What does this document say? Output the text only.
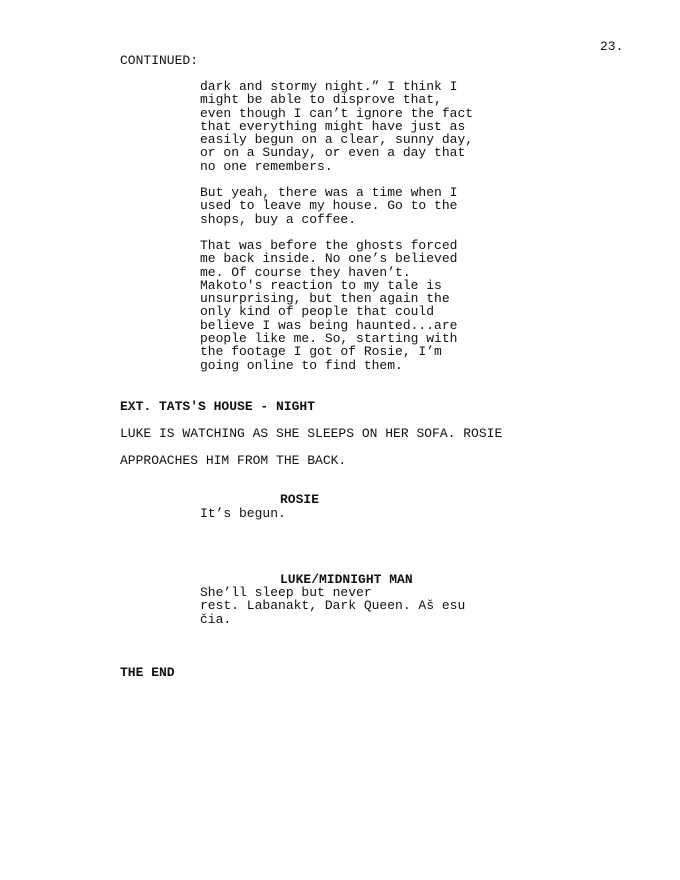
23.
CONTINUED:
dark and stormy night.” I think I
might be able to disprove that,
even though I can’t ignore the fact
that everything might have just as
easily begun on a clear, sunny day,
or on a Sunday, or even a day that
no one remembers.
But yeah, there was a time when I
used to leave my house. Go to the
shops, buy a coffee.
That was before the ghosts forced
me back inside. No one’s believed
me. Of course they haven’t.
Makoto's reaction to my tale is
unsurprising, but then again the
only kind of people that could
believe I was being haunted...are
people like me. So, starting with
the footage I got of Rosie, I’m
going online to find them.
EXT. TATS'S HOUSE - NIGHT
LUKE IS WATCHING AS SHE SLEEPS ON HER SOFA. ROSIE
APPROACHES HIM FROM THE BACK.
ROSIE
It’s begun.
LUKE/MIDNIGHT MAN
She’ll sleep but never
rest. Labanakt, Dark Queen. Aš esu
čia.
THE END
